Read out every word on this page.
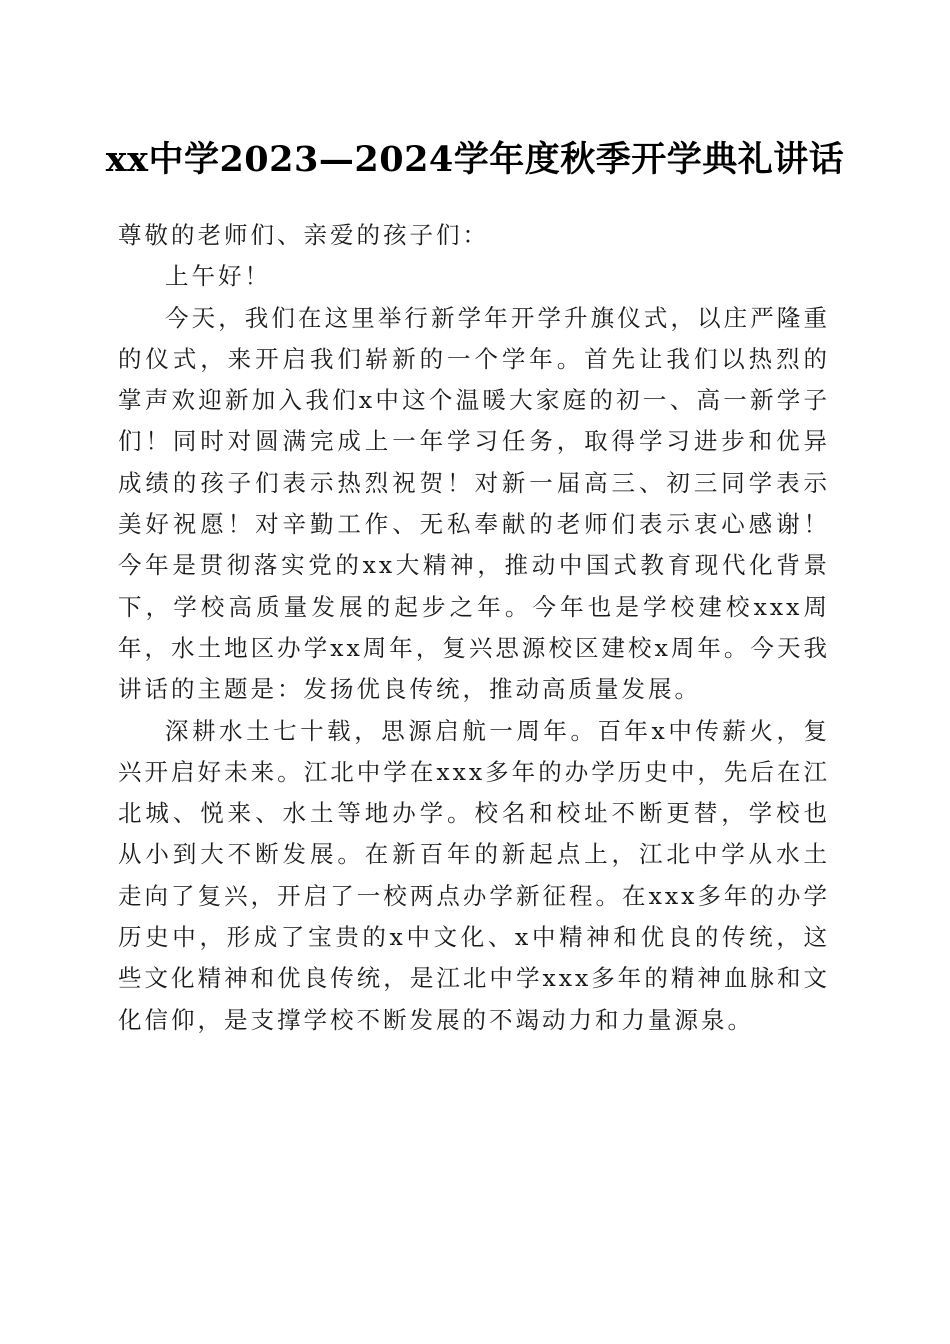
xx中学2023—2024学年度秋季开学典礼讲话

尊敬的老师们、亲爱的孩子们：

上午好！

今天，我们在这里举行新学年开学升旗仪式，以庄严隆重的仪式，来开启我们崭新的一个学年。首先让我们以热烈的掌声欢迎新加入我们x中这个温暖大家庭的初一、高一新学子们！同时对圆满完成上一年学习任务，取得学习进步和优异成绩的孩子们表示热烈祝贺！对新一届高三、初三同学表示美好祝愿！对辛勤工作、无私奉献的老师们表示衷心感谢！今年是贯彻落实党的xx大精神，推动中国式教育现代化背景下，学校高质量发展的起步之年。今年也是学校建校xxx周年，水土地区办学xx周年，复兴思源校区建校x周年。今天我讲话的主题是：发扬优良传统，推动高质量发展。

深耕水土七十载，思源启航一周年。百年x中传薪火，复兴开启好未来。江北中学在xxx多年的办学历史中，先后在江北城、悦来、水土等地办学。校名和校址不断更替，学校也从小到大不断发展。在新百年的新起点上，江北中学从水土走向了复兴，开启了一校两点办学新征程。在xxx多年的办学历史中，形成了宝贵的x中文化、x中精神和优良的传统，这些文化精神和优良传统，是江北中学xxx多年的精神血脉和文化信仰，是支撑学校不断发展的不竭动力和力量源泉。
